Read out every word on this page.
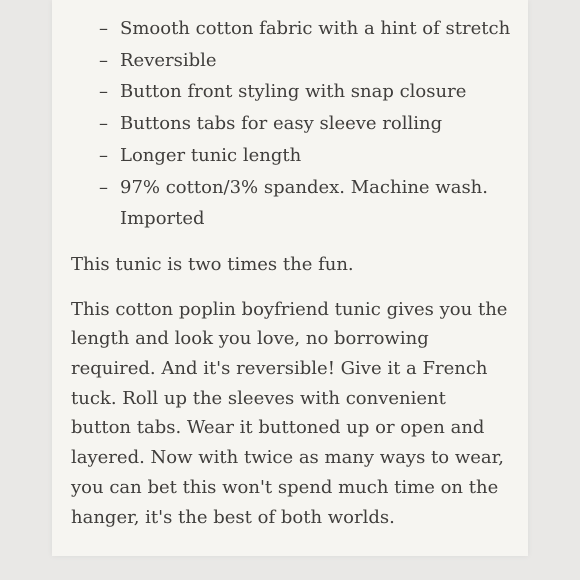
– Smooth cotton fabric with a hint of stretch
– Reversible
– Button front styling with snap closure
– Buttons tabs for easy sleeve rolling
– Longer tunic length
– 97% cotton/3% spandex. Machine wash. Imported

This tunic is two times the fun.

This cotton poplin boyfriend tunic gives you the length and look you love, no borrowing required. And it's reversible! Give it a French tuck. Roll up the sleeves with convenient button tabs. Wear it buttoned up or open and layered. Now with twice as many ways to wear, you can bet this won't spend much time on the hanger, it's the best of both worlds.
